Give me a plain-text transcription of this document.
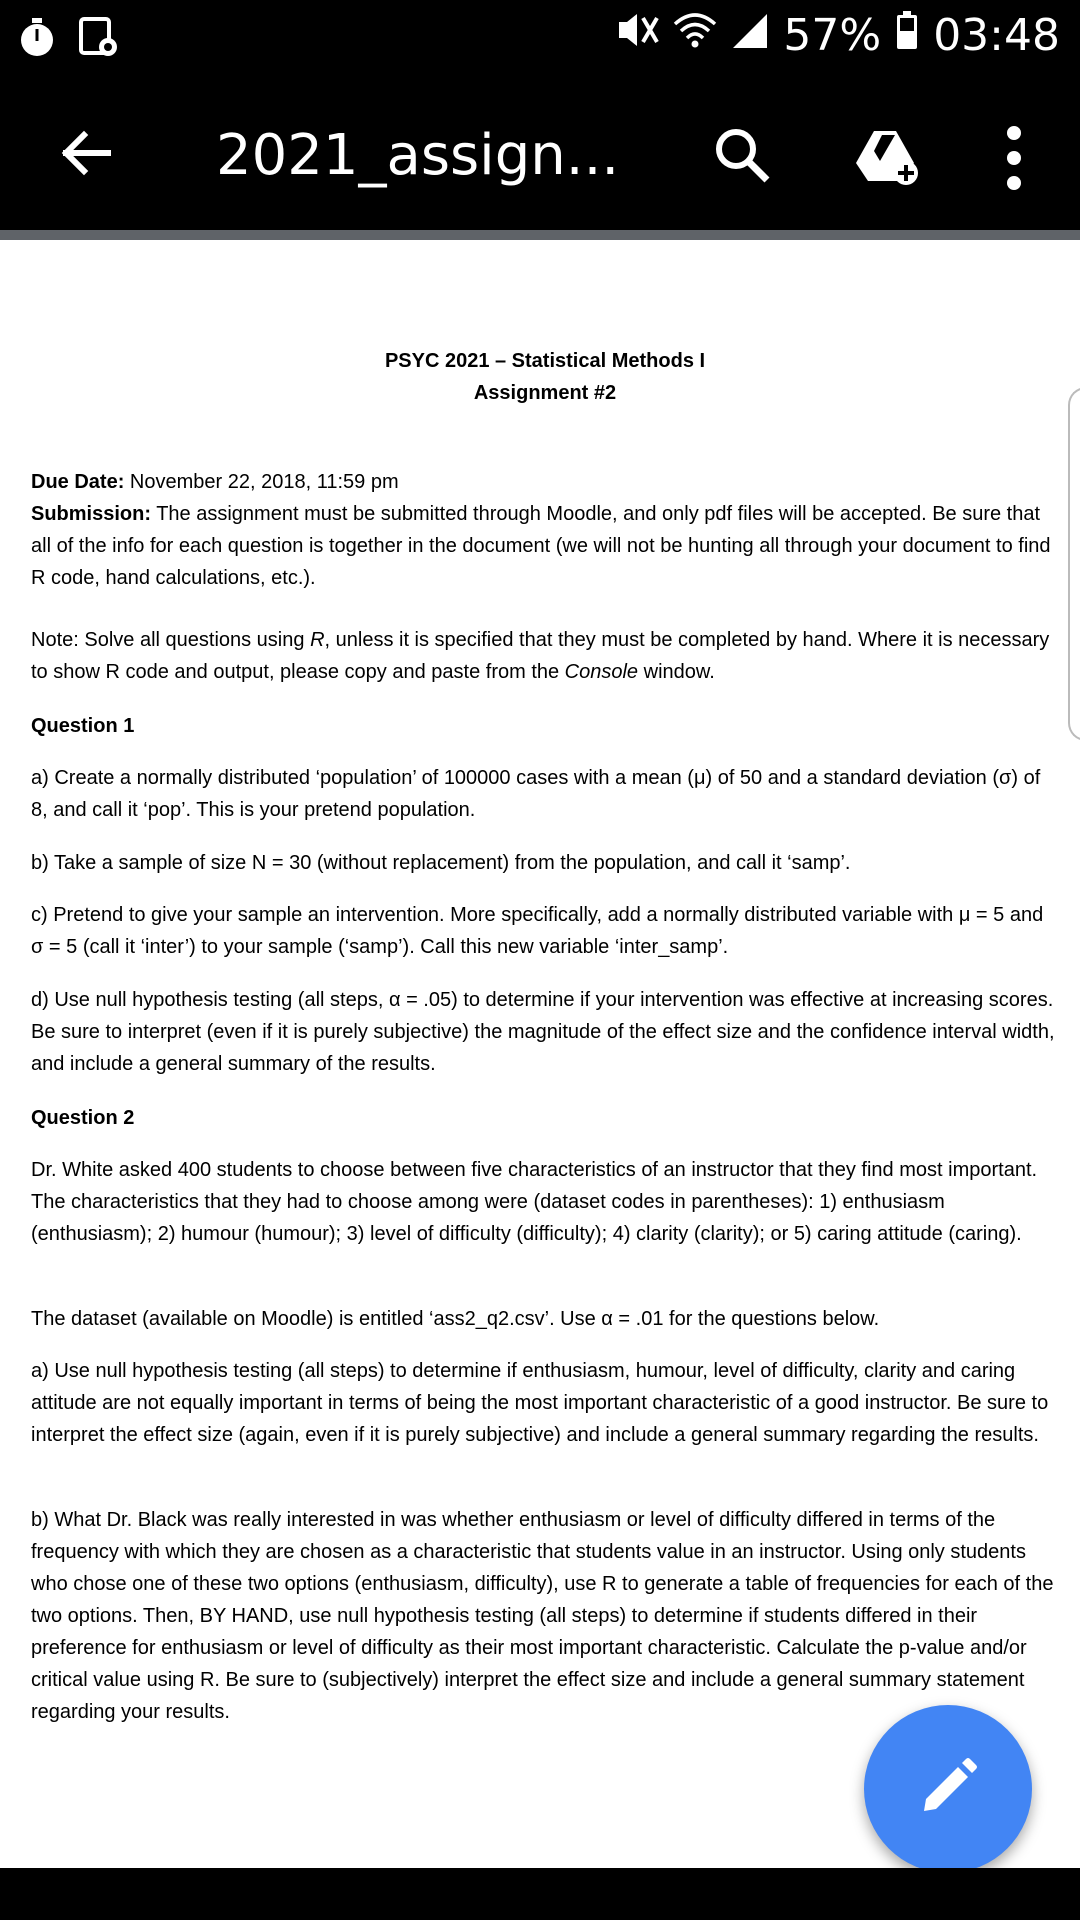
57% 03:48
2021_assign...
PSYC 2021 – Statistical Methods I
Assignment #2
Due Date: November 22, 2018, 11:59 pm
Submission: The assignment must be submitted through Moodle, and only pdf files will be accepted. Be sure that all of the info for each question is together in the document (we will not be hunting all through your document to find R code, hand calculations, etc.).
Note: Solve all questions using R, unless it is specified that they must be completed by hand. Where it is necessary to show R code and output, please copy and paste from the Console window.
Question 1
a) Create a normally distributed ‘population’ of 100000 cases with a mean (μ) of 50 and a standard deviation (σ) of 8, and call it ‘pop’. This is your pretend population.
b) Take a sample of size N = 30 (without replacement) from the population, and call it ‘samp’.
c) Pretend to give your sample an intervention. More specifically, add a normally distributed variable with μ = 5 and σ = 5 (call it ‘inter’) to your sample (‘samp’). Call this new variable ‘inter_samp’.
d) Use null hypothesis testing (all steps, α = .05) to determine if your intervention was effective at increasing scores. Be sure to interpret (even if it is purely subjective) the magnitude of the effect size and the confidence interval width, and include a general summary of the results.
Question 2
Dr. White asked 400 students to choose between five characteristics of an instructor that they find most important. The characteristics that they had to choose among were (dataset codes in parentheses): 1) enthusiasm (enthusiasm); 2) humour (humour); 3) level of difficulty (difficulty); 4) clarity (clarity); or 5) caring attitude (caring).
The dataset (available on Moodle) is entitled ‘ass2_q2.csv’. Use α = .01 for the questions below.
a) Use null hypothesis testing (all steps) to determine if enthusiasm, humour, level of difficulty, clarity and caring attitude are not equally important in terms of being the most important characteristic of a good instructor. Be sure to interpret the effect size (again, even if it is purely subjective) and include a general summary regarding the results.
b) What Dr. Black was really interested in was whether enthusiasm or level of difficulty differed in terms of the frequency with which they are chosen as a characteristic that students value in an instructor. Using only students who chose one of these two options (enthusiasm, difficulty), use R to generate a table of frequencies for each of the two options. Then, BY HAND, use null hypothesis testing (all steps) to determine if students differed in their preference for enthusiasm or level of difficulty as their most important characteristic. Calculate the p-value and/or critical value using R. Be sure to (subjectively) interpret the effect size and include a general summary statement regarding your results.
